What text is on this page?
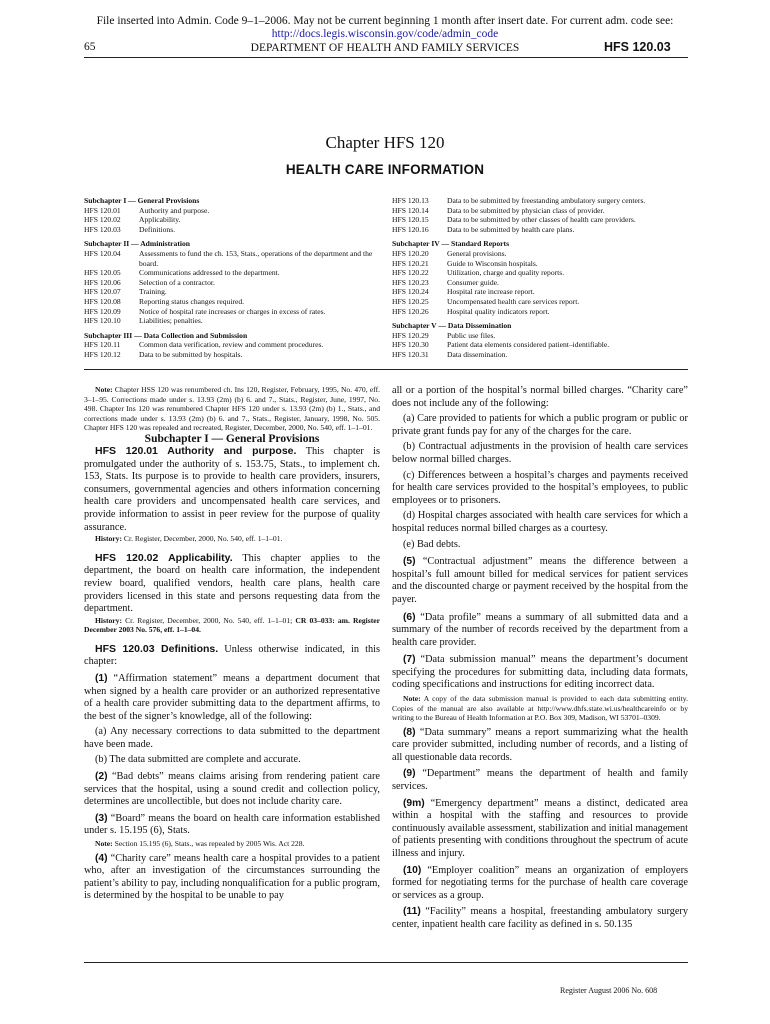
File inserted into Admin. Code 9–1–2006. May not be current beginning 1 month after insert date. For current adm. code see:
http://docs.legis.wisconsin.gov/code/admin_code
65	DEPARTMENT OF HEALTH AND FAMILY SERVICES	HFS 120.03
Chapter HFS 120
HEALTH CARE INFORMATION
Subchapter I — General Provisions
HFS 120.01	Authority and purpose.
HFS 120.02	Applicability.
HFS 120.03	Definitions.
Subchapter II — Administration
HFS 120.04	Assessments to fund the ch. 153, Stats., operations of the department and the board.
HFS 120.05	Communications addressed to the department.
HFS 120.06	Selection of a contractor.
HFS 120.07	Training.
HFS 120.08	Reporting status changes required.
HFS 120.09	Notice of hospital rate increases or charges in excess of rates.
HFS 120.10	Liabilities; penalties.
Subchapter III — Data Collection and Submission
HFS 120.11	Common data verification, review and comment procedures.
HFS 120.12	Data to be submitted by hospitals.
HFS 120.13	Data to be submitted by freestanding ambulatory surgery centers.
HFS 120.14	Data to be submitted by physician class of provider.
HFS 120.15	Data to be submitted by other classes of health care providers.
HFS 120.16	Data to be submitted by health care plans.
Subchapter IV — Standard Reports
HFS 120.20	General provisions.
HFS 120.21	Guide to Wisconsin hospitals.
HFS 120.22	Utilization, charge and quality reports.
HFS 120.23	Consumer guide.
HFS 120.24	Hospital rate increase report.
HFS 120.25	Uncompensated health care services report.
HFS 120.26	Hospital quality indicators report.
Subchapter V — Data Dissemination
HFS 120.29	Public use files.
HFS 120.30	Patient data elements considered patient–identifiable.
HFS 120.31	Data dissemination.
Note: Chapter HSS 120 was renumbered ch. Ins 120, Register, February, 1995, No. 470, eff. 3–1–95. Corrections made under s. 13.93 (2m) (b) 6. and 7., Stats., Register, June, 1997, No. 498. Chapter Ins 120 was renumbered Chapter HFS 120 under s. 13.93 (2m) (b) 1., Stats., and corrections made under s. 13.93 (2m) (b) 6. and 7., Stats., Register, January, 1998, No. 505. Chapter HFS 120 was repealed and recreated, Register, December, 2000, No. 540, eff. 1–1–01.

Subchapter I — General Provisions

HFS 120.01 Authority and purpose. This chapter is promulgated under the authority of s. 153.75, Stats., to implement ch. 153, Stats. Its purpose is to provide to health care providers, insurers, consumers, governmental agencies and others information concerning health care providers and uncompensated health care services, and provide information to assist in peer review for the purpose of quality assurance.

History: Cr. Register, December, 2000, No. 540, eff. 1–1–01.

HFS 120.02 Applicability. This chapter applies to the department, the board on health care information, the independent review board, qualified vendors, health care plans, health care providers licensed in this state and persons requesting data from the department.

History: Cr. Register, December, 2000, No. 540, eff. 1–1–01; CR 03–033: am. Register December 2003 No. 576, eff. 1–1–04.

HFS 120.03 Definitions. Unless otherwise indicated, in this chapter:

(1) “Affirmation statement” means a department document that when signed by a health care provider or an authorized representative of a health care provider submitting data to the department affirms, to the best of the signer’s knowledge, all of the following:

(a) Any necessary corrections to data submitted to the department have been made.

(b) The data submitted are complete and accurate.

(2) “Bad debts” means claims arising from rendering patient care services that the hospital, using a sound credit and collection policy, determines are uncollectible, but does not include charity care.

(3) “Board” means the board on health care information established under s. 15.195 (6), Stats.

Note: Section 15.195 (6), Stats., was repealed by 2005 Wis. Act 228.

(4) “Charity care” means health care a hospital provides to a patient who, after an investigation of the circumstances surrounding the patient’s ability to pay, including nonqualification for a public program, is determined by the hospital to be unable to pay

all or a portion of the hospital’s normal billed charges. “Charity care” does not include any of the following:

(a) Care provided to patients for which a public program or public or private grant funds pay for any of the charges for the care.

(b) Contractual adjustments in the provision of health care services below normal billed charges.

(c) Differences between a hospital’s charges and payments received for health care services provided to the hospital’s employees, to public employees or to prisoners.

(d) Hospital charges associated with health care services for which a hospital reduces normal billed charges as a courtesy.

(e) Bad debts.

(5) “Contractual adjustment” means the difference between a hospital’s full amount billed for medical services for patient services and the discounted charge or payment received by the hospital from the payer.

(6) “Data profile” means a summary of all submitted data and a summary of the number of records received by the department from a health care provider.

(7) “Data submission manual” means the department’s document specifying the procedures for submitting data, including data formats, coding specifications and instructions for editing incorrect data.

Note: A copy of the data submission manual is provided to each data submitting entity. Copies of the manual are also available at http://www.dhfs.state.wi.us/healthcareinfo or by writing to the Bureau of Health Information at P.O. Box 309, Madison, WI 53701–0309.

(8) “Data summary” means a report summarizing what the health care provider submitted, including number of records, and a listing of all questionable data records.

(9) “Department” means the department of health and family services.

(9m) “Emergency department” means a distinct, dedicated area within a hospital with the staffing and resources to provide continuously available assessment, stabilization and initial management of patients presenting with conditions throughout the spectrum of acute illness and injury.

(10) “Employer coalition” means an organization of employers formed for negotiating terms for the purchase of health care coverage or services as a group.

(11) “Facility” means a hospital, freestanding ambulatory surgery center, inpatient health care facility as defined in s. 50.135

Register August 2006 No. 608
